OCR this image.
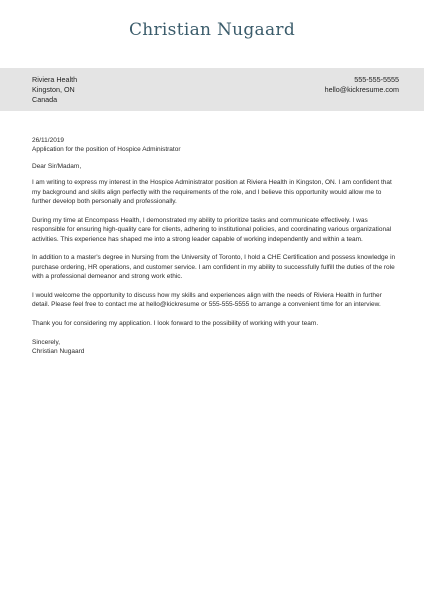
Christian Nugaard
Riviera Health
Kingston, ON
Canada
555-555-5555
hello@kickresume.com
26/11/2019
Application for the position of Hospice Administrator
Dear Sir/Madam,

I am writing to express my interest in the Hospice Administrator position at Riviera Health in Kingston, ON. I am confident that my background and skills align perfectly with the requirements of the role, and I believe this opportunity would allow me to further develop both personally and professionally.

During my time at Encompass Health, I demonstrated my ability to prioritize tasks and communicate effectively. I was responsible for ensuring high-quality care for clients, adhering to institutional policies, and coordinating various organizational activities. This experience has shaped me into a strong leader capable of working independently and within a team.

In addition to a master's degree in Nursing from the University of Toronto, I hold a CHE Certification and possess knowledge in purchase ordering, HR operations, and customer service. I am confident in my ability to successfully fulfill the duties of the role with a professional demeanor and strong work ethic.

I would welcome the opportunity to discuss how my skills and experiences align with the needs of Riviera Health in further detail. Please feel free to contact me at hello@kickresume or 555-555-5555 to arrange a convenient time for an interview.

Thank you for considering my application. I look forward to the possibility of working with your team.

Sincerely,
Christian Nugaard
